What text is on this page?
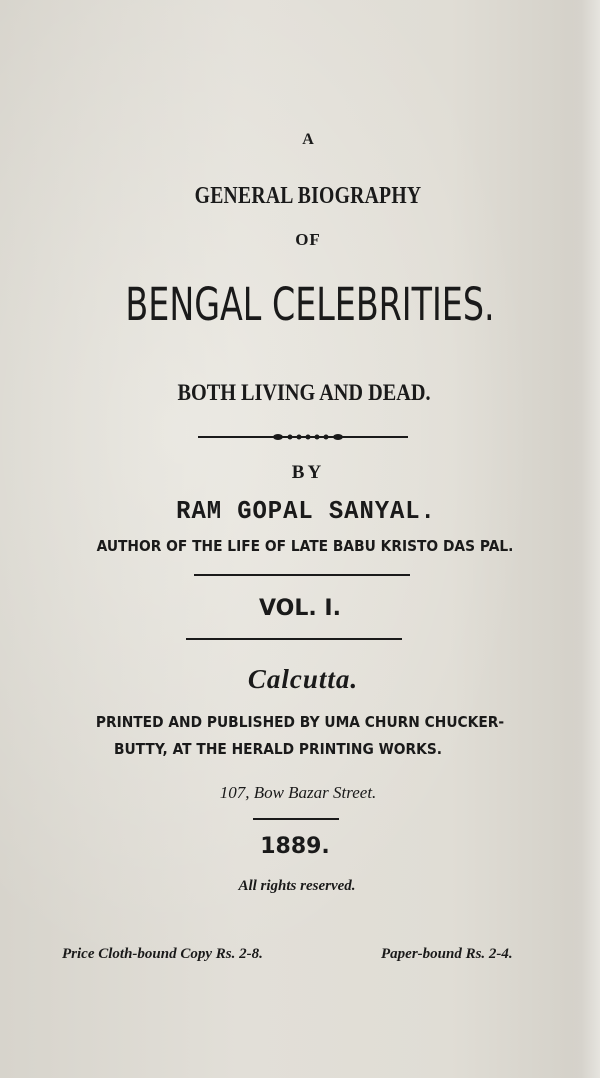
A
GENERAL BIOGRAPHY
OF
BENGAL CELEBRITIES.
BOTH LIVING AND DEAD.
BY
RAM GOPAL SANYAL.
AUTHOR OF THE LIFE OF LATE BABU KRISTO DAS PAL.
VOL. I.
Calcutta.
PRINTED AND PUBLISHED BY UMA CHURN CHUCKER-
BUTTY, AT THE HERALD PRINTING WORKS.
107, Bow Bazar Street.
1889.
All rights reserved.
Price Cloth-bound Copy Rs. 2-8.	Paper-bound Rs. 2-4.
